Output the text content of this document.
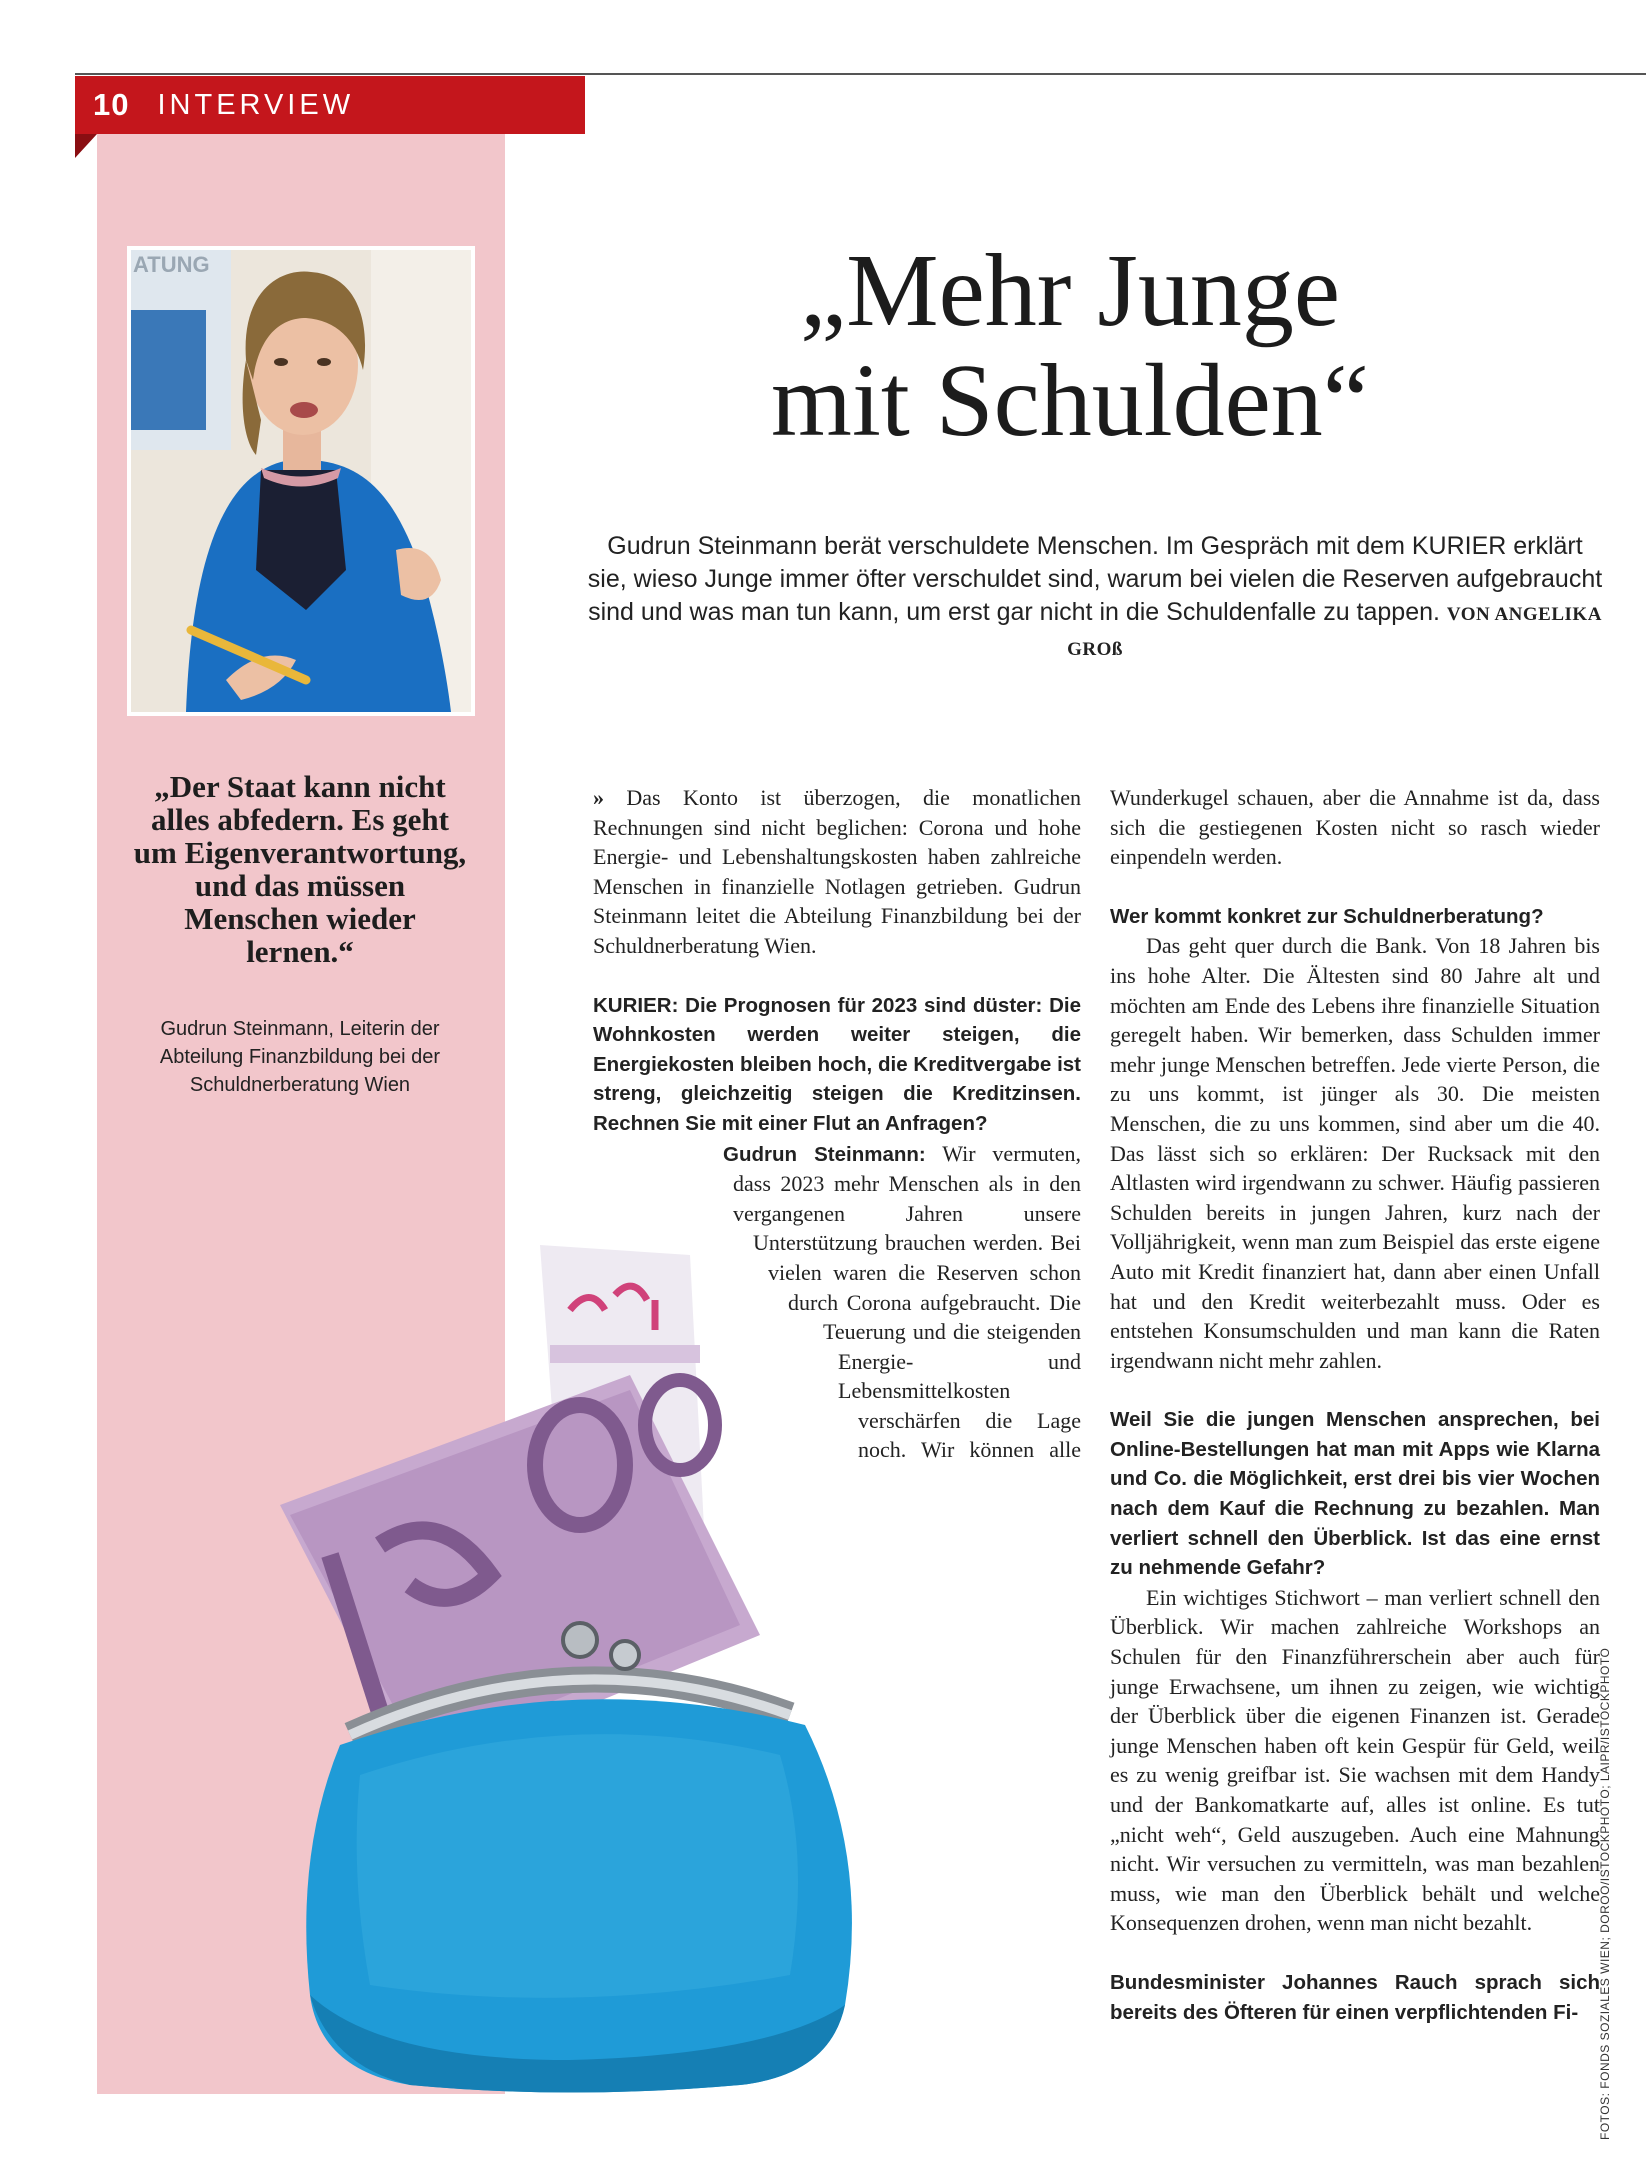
10 INTERVIEW
ATUNG
„Der Staat kann nicht alles abfedern. Es geht um Eigenverantwortung, und das müssen Menschen wieder lernen.“
Gudrun Steinmann, Leiterin der Abteilung Finanzbildung bei der Schuldnerberatung Wien
„Mehr Junge
mit Schulden“
Gudrun Steinmann berät verschuldete Menschen. Im Gespräch mit dem KURIER erklärt sie, wieso Junge immer öfter verschuldet sind, warum bei vielen die Reserven aufgebraucht sind und was man tun kann, um erst gar nicht in die Schuldenfalle zu tappen. VON ANGELIKA GROß

» Das Konto ist überzogen, die monatlichen Rechnungen sind nicht beglichen: Corona und hohe Energie- und Lebenshaltungskosten haben zahlreiche Menschen in finanzielle Notlagen getrieben. Gudrun Steinmann leitet die Abteilung Finanzbildung bei der Schuldnerberatung Wien.

KURIER: Die Prognosen für 2023 sind düster: Die Wohnkosten werden weiter steigen, die Energiekosten bleiben hoch, die Kreditvergabe ist streng, gleichzeitig steigen die Kreditzinsen. Rechnen Sie mit einer Flut an Anfragen?

Gudrun Steinmann: Wir vermuten, dass 2023 mehr Menschen als in den vergangenen Jahren unsere Unterstützung brauchen werden. Bei vielen waren die Reserven schon durch Corona aufgebraucht. Die Teuerung und die steigenden Energie- und Lebensmittelkosten verschärfen die Lage noch. Wir können alle

Wunderkugel schauen, aber die Annahme ist da, dass sich die gestiegenen Kosten nicht so rasch wieder einpendeln werden.

Wer kommt konkret zur Schuldnerberatung?

Das geht quer durch die Bank. Von 18 Jahren bis ins hohe Alter. Die Ältesten sind 80 Jahre alt und möchten am Ende des Lebens ihre finanzielle Situation geregelt haben. Wir bemerken, dass Schulden immer mehr junge Menschen betreffen. Jede vierte Person, die zu uns kommt, ist jünger als 30. Die meisten Menschen, die zu uns kommen, sind aber um die 40. Das lässt sich so erklären: Der Rucksack mit den Altlasten wird irgendwann zu schwer. Häufig passieren Schulden bereits in jungen Jahren, kurz nach der Volljährigkeit, wenn man zum Beispiel das erste eigene Auto mit Kredit finanziert hat, dann aber einen Unfall hat und den Kredit weiterbezahlt muss. Oder es entstehen Konsumschulden und man kann die Raten irgendwann nicht mehr zahlen.

Weil Sie die jungen Menschen ansprechen, bei Online-Bestellungen hat man mit Apps wie Klarna und Co. die Möglichkeit, erst drei bis vier Wochen nach dem Kauf die Rechnung zu bezahlen. Man verliert schnell den Überblick. Ist das eine ernst zu nehmende Gefahr?

Ein wichtiges Stichwort – man verliert schnell den Überblick. Wir machen zahlreiche Workshops an Schulen für den Finanzführerschein aber auch für junge Erwachsene, um ihnen zu zeigen, wie wichtig der Überblick über die eigenen Finanzen ist. Gerade junge Menschen haben oft kein Gespür für Geld, weil es zu wenig greifbar ist. Sie wachsen mit dem Handy und der Bankomatkarte auf, alles ist online. Es tut „nicht weh“, Geld auszugeben. Auch eine Mahnung nicht. Wir versuchen zu vermitteln, was man bezahlen muss, wie man den Überblick behält und welche Konsequenzen drohen, wenn man nicht bezahlt.

Bundesminister Johannes Rauch sprach sich bereits des Öfteren für einen verpflichtenden Fi-	FOTOS: FONDS SOZIALES WIEN; DOROO/ISTOCKPHOTO; LAIPR/ISTOCKPHOTO
